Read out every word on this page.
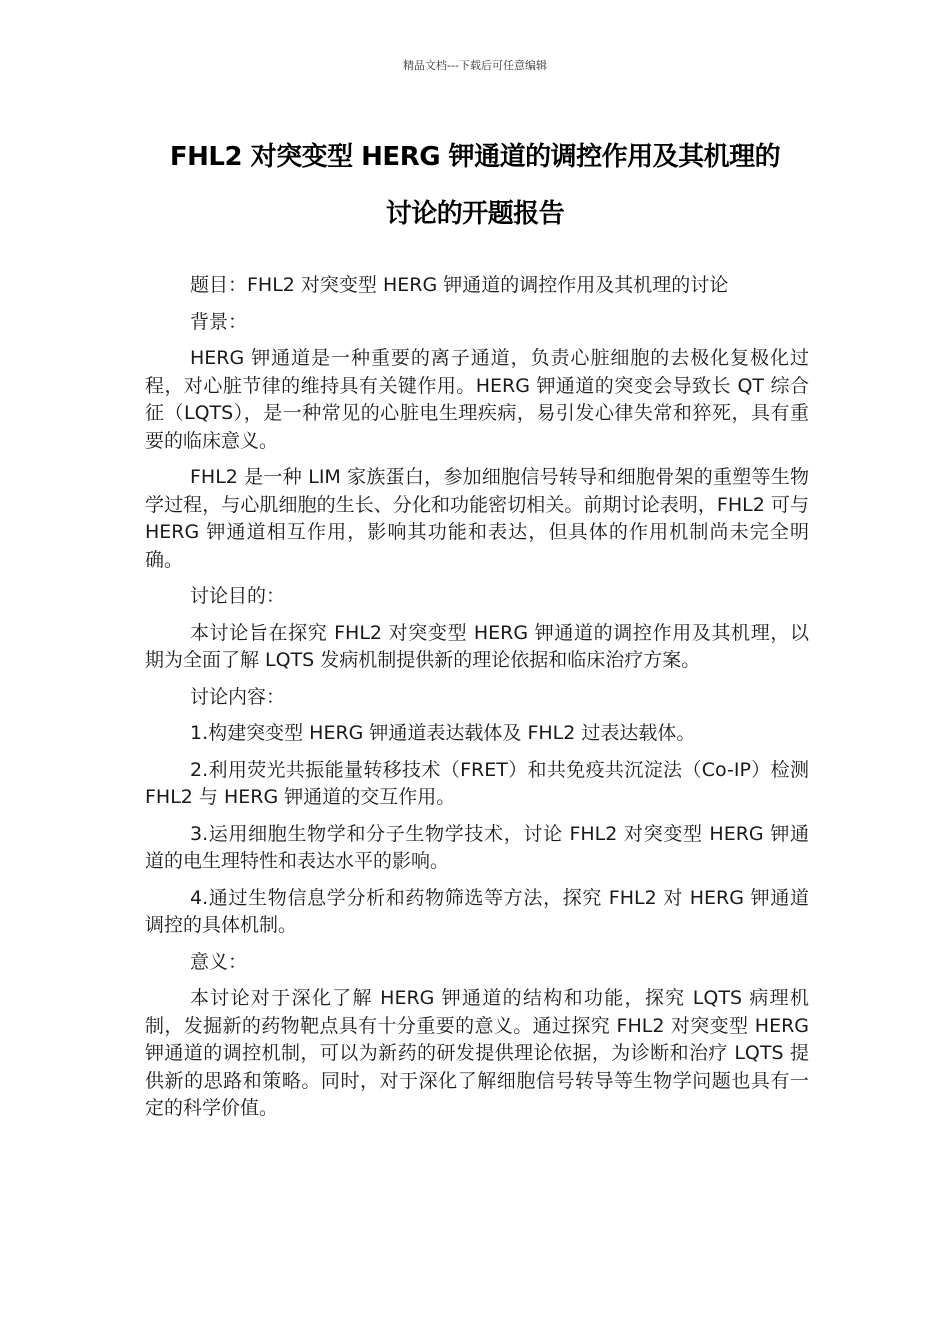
精品文档---下载后可任意编辑
FHL2 对突变型 HERG 钾通道的调控作用及其机理的
讨论的开题报告

题目：FHL2 对突变型 HERG 钾通道的调控作用及其机理的讨论

背景：

HERG 钾通道是一种重要的离子通道，负责心脏细胞的去极化复极化过程，对心脏节律的维持具有关键作用。HERG 钾通道的突变会导致长 QT 综合征（LQTS），是一种常见的心脏电生理疾病，易引发心律失常和猝死，具有重要的临床意义。

FHL2 是一种 LIM 家族蛋白，参加细胞信号转导和细胞骨架的重塑等生物学过程，与心肌细胞的生长、分化和功能密切相关。前期讨论表明，FHL2 可与 HERG 钾通道相互作用，影响其功能和表达，但具体的作用机制尚未完全明确。

讨论目的：

本讨论旨在探究 FHL2 对突变型 HERG 钾通道的调控作用及其机理，以期为全面了解 LQTS 发病机制提供新的理论依据和临床治疗方案。

讨论内容：

1.构建突变型 HERG 钾通道表达载体及 FHL2 过表达载体。

2.利用荧光共振能量转移技术（FRET）和共免疫共沉淀法（Co-IP）检测 FHL2 与 HERG 钾通道的交互作用。

3.运用细胞生物学和分子生物学技术，讨论 FHL2 对突变型 HERG 钾通道的电生理特性和表达水平的影响。

4.通过生物信息学分析和药物筛选等方法，探究 FHL2 对 HERG 钾通道调控的具体机制。

意义：

本讨论对于深化了解 HERG 钾通道的结构和功能，探究 LQTS 病理机制，发掘新的药物靶点具有十分重要的意义。通过探究 FHL2 对突变型 HERG 钾通道的调控机制，可以为新药的研发提供理论依据，为诊断和治疗 LQTS 提供新的思路和策略。同时，对于深化了解细胞信号转导等生物学问题也具有一定的科学价值。
